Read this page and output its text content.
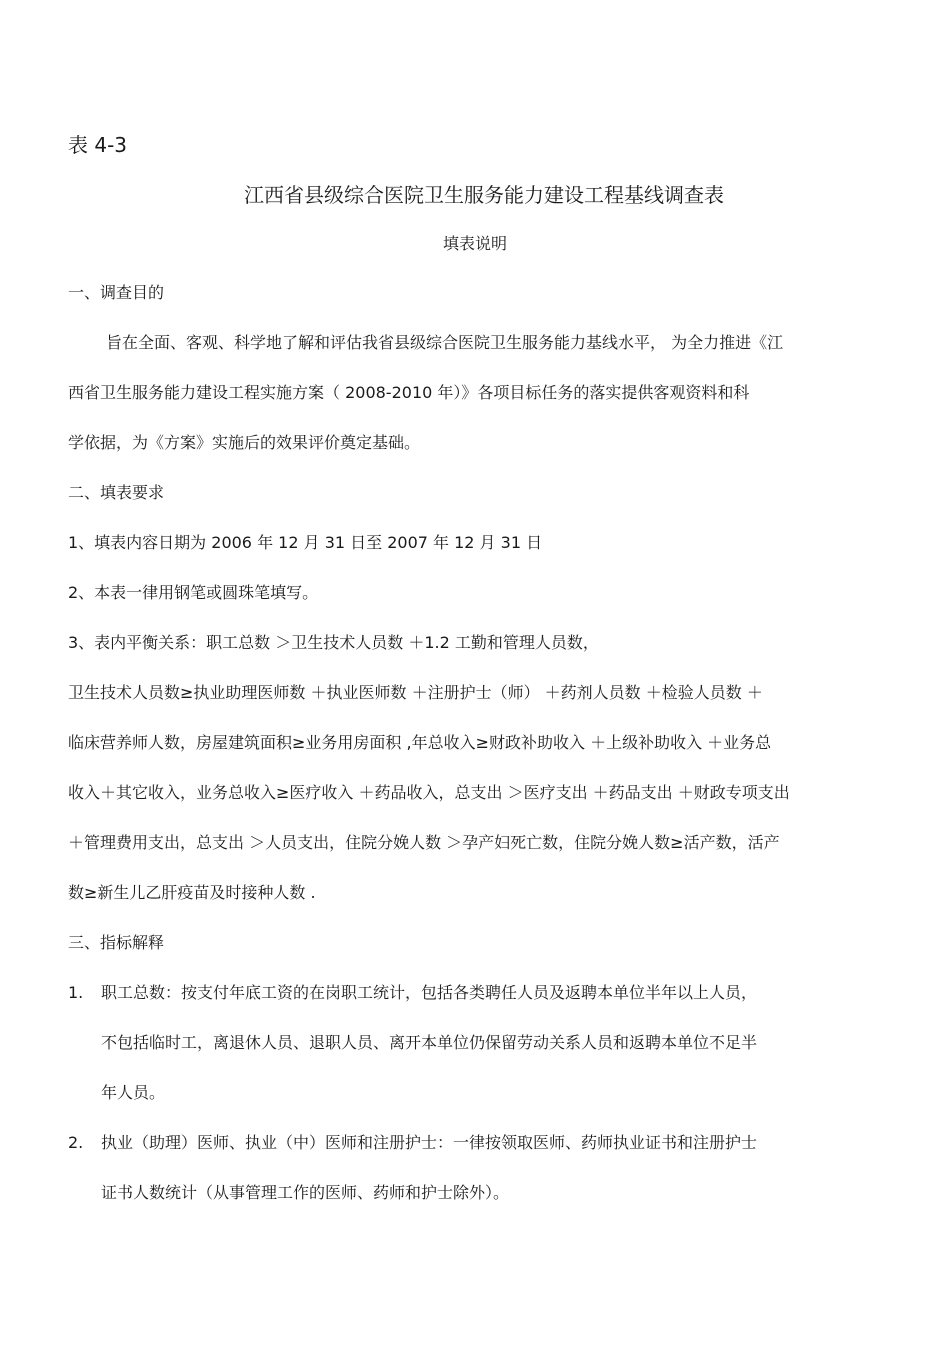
表 4-3
江西省县级综合医院卫生服务能力建设工程基线调查表
填表说明
一、调查目的
旨在全面、客观、科学地了解和评估我省县级综合医院卫生服务能力基线水平， 为全力推进《江
西省卫生服务能力建设工程实施方案（ 2008-2010 年）》各项目标任务的落实提供客观资料和科
学依据，为《方案》实施后的效果评价奠定基础。
二、填表要求
1、填表内容日期为 2006 年 12 月 31 日至 2007 年 12 月 31 日
2、本表一律用钢笔或圆珠笔填写。
3、表内平衡关系：职工总数 ＞卫生技术人员数 ＋1.2 工勤和管理人员数，
卫生技术人员数≥执业助理医师数 ＋执业医师数 ＋注册护士（师） ＋药剂人员数 ＋检验人员数 ＋
临床营养师人数，房屋建筑面积≥业务用房面积 ,年总收入≥财政补助收入 ＋上级补助收入 ＋业务总
收入＋其它收入，业务总收入≥医疗收入 ＋药品收入，总支出 ＞医疗支出 ＋药品支出 ＋财政专项支出
＋管理费用支出，总支出 ＞人员支出，住院分娩人数 ＞孕产妇死亡数，住院分娩人数≥活产数，活产
数≥新生儿乙肝疫苗及时接种人数 .
三、指标解释
1. 职工总数：按支付年底工资的在岗职工统计，包括各类聘任人员及返聘本单位半年以上人员，
不包括临时工，离退休人员、退职人员、离开本单位仍保留劳动关系人员和返聘本单位不足半
年人员。
2. 执业（助理）医师、执业（中）医师和注册护士：一律按领取医师、药师执业证书和注册护士
证书人数统计（从事管理工作的医师、药师和护士除外）。
